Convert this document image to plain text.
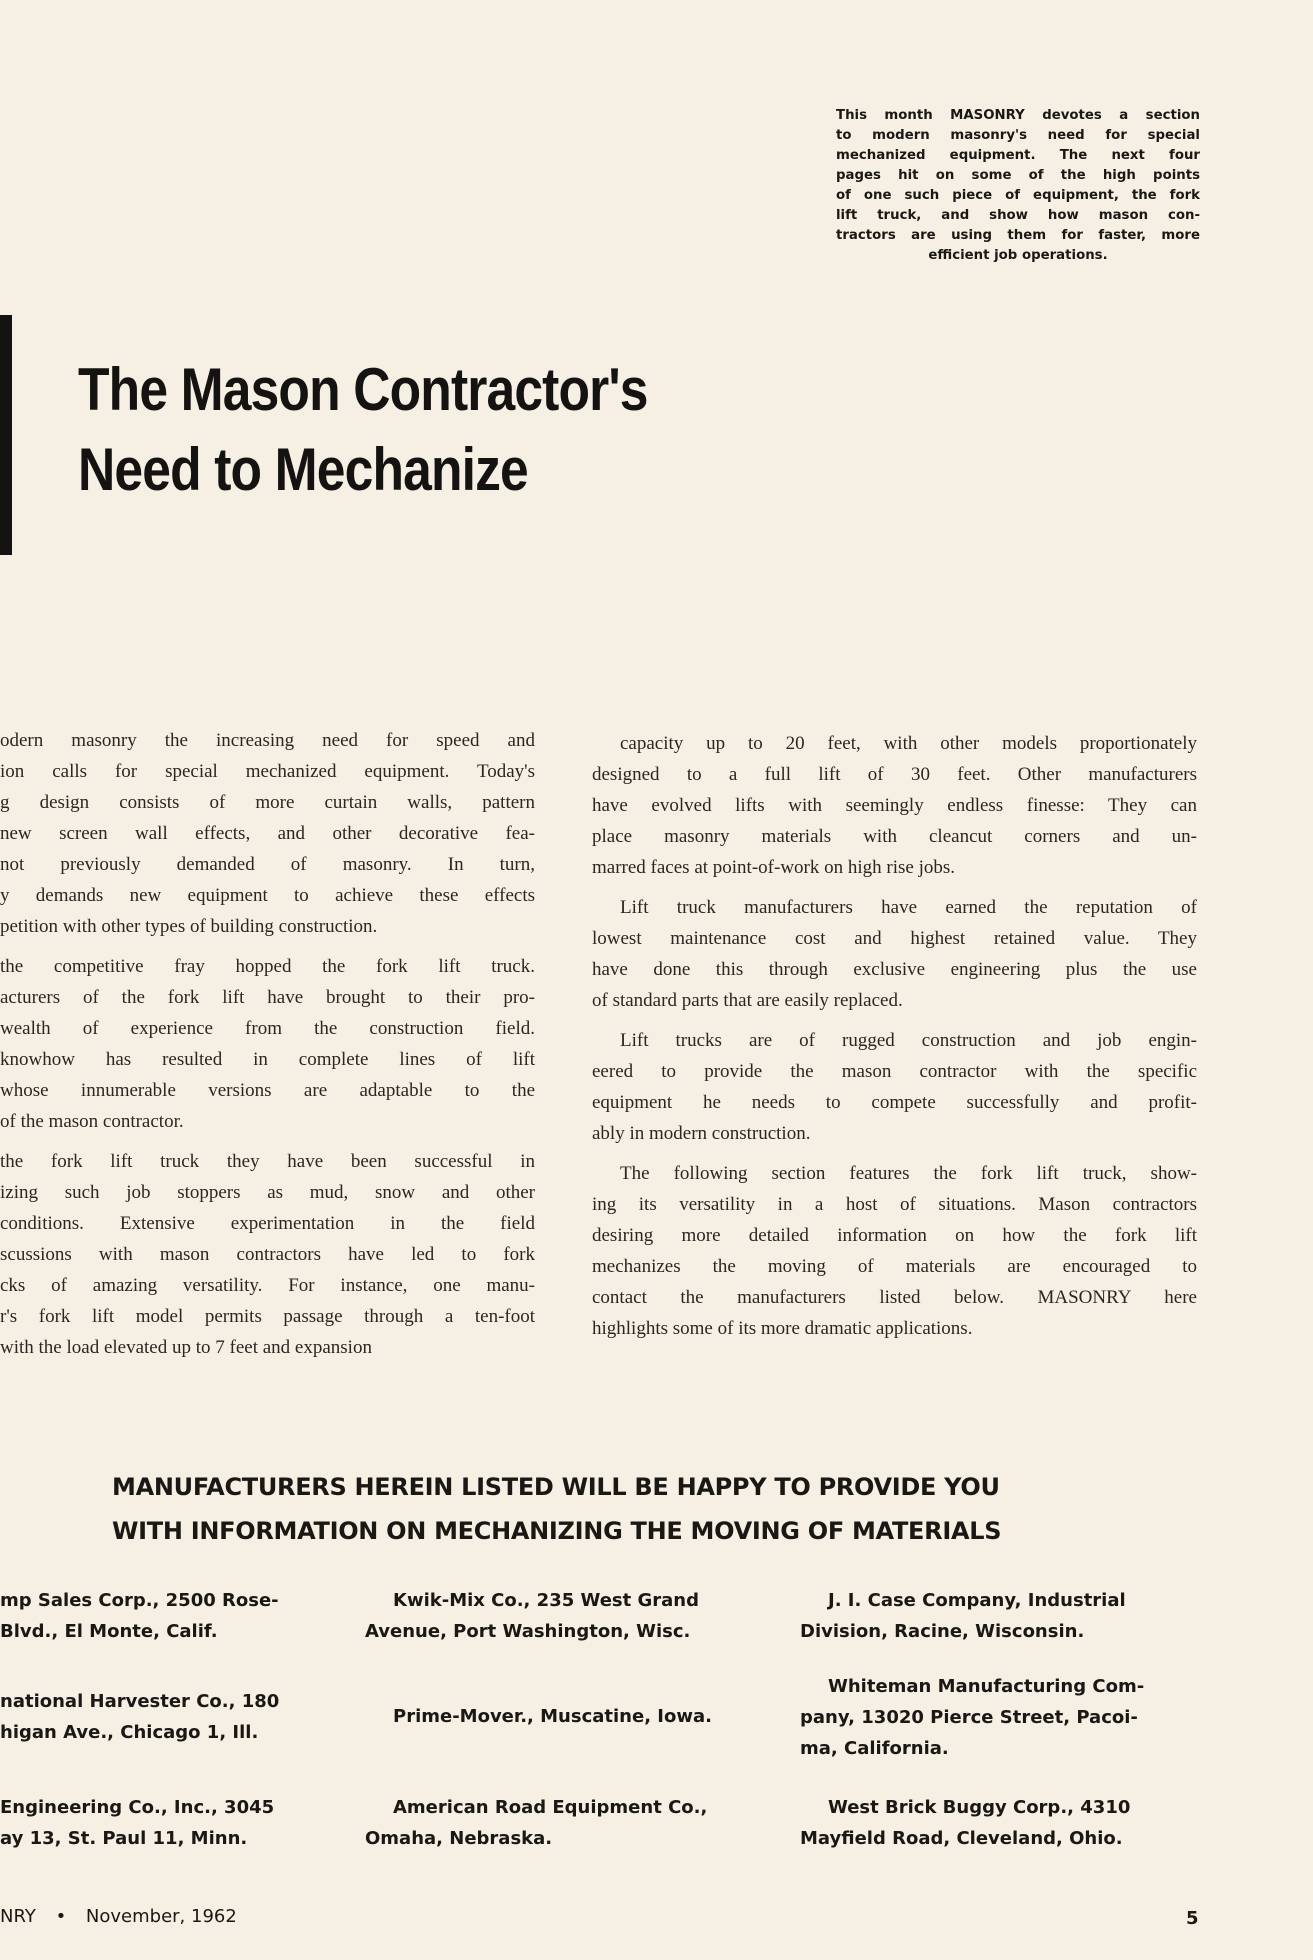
This month MASONRY devotes a section
to modern masonry's need for special
mechanized equipment. The next four
pages hit on some of the high points
of one such piece of equipment, the fork
lift truck, and show how mason con-
tractors are using them for faster, more
efficient job operations.
The Mason Contractor's
Need to Mechanize
odern masonry the increasing need for speed and
ion calls for special mechanized equipment. Today's
g design consists of more curtain walls, pattern
new screen wall effects, and other decorative fea-
not previously demanded of masonry. In turn,
y demands new equipment to achieve these effects
petition with other types of building construction.
the competitive fray hopped the fork lift truck.
acturers of the fork lift have brought to their pro-
wealth of experience from the construction field.
knowhow has resulted in complete lines of lift
whose innumerable versions are adaptable to the
of the mason contractor.
the fork lift truck they have been successful in
izing such job stoppers as mud, snow and other
conditions. Extensive experimentation in the field
scussions with mason contractors have led to fork
cks of amazing versatility. For instance, one manu-
r's fork lift model permits passage through a ten-foot
with the load elevated up to 7 feet and expansion
capacity up to 20 feet, with other models proportionately
designed to a full lift of 30 feet. Other manufacturers
have evolved lifts with seemingly endless finesse: They can
place masonry materials with cleancut corners and un-
marred faces at point-of-work on high rise jobs.
Lift truck manufacturers have earned the reputation of
lowest maintenance cost and highest retained value. They
have done this through exclusive engineering plus the use
of standard parts that are easily replaced.
Lift trucks are of rugged construction and job engin-
eered to provide the mason contractor with the specific
equipment he needs to compete successfully and profit-
ably in modern construction.
The following section features the fork lift truck, show-
ing its versatility in a host of situations. Mason contractors
desiring more detailed information on how the fork lift
mechanizes the moving of materials are encouraged to
contact the manufacturers listed below. MASONRY here
highlights some of its more dramatic applications.
MANUFACTURERS HEREIN LISTED WILL BE HAPPY TO PROVIDE YOU
WITH INFORMATION ON MECHANIZING THE MOVING OF MATERIALS
mp Sales Corp., 2500 Rose-
Blvd., El Monte, Calif.
Kwik-Mix Co., 235 West Grand
Avenue, Port Washington, Wisc.
J. I. Case Company, Industrial
Division, Racine, Wisconsin.
national Harvester Co., 180
higan Ave., Chicago 1, Ill.
Prime-Mover., Muscatine, Iowa.
Whiteman Manufacturing Com-
pany, 13020 Pierce Street, Pacoi-
ma, California.
Engineering Co., Inc., 3045
ay 13, St. Paul 11, Minn.
American Road Equipment Co.,
Omaha, Nebraska.
West Brick Buggy Corp., 4310
Mayfield Road, Cleveland, Ohio.
NRY • November, 1962	5
